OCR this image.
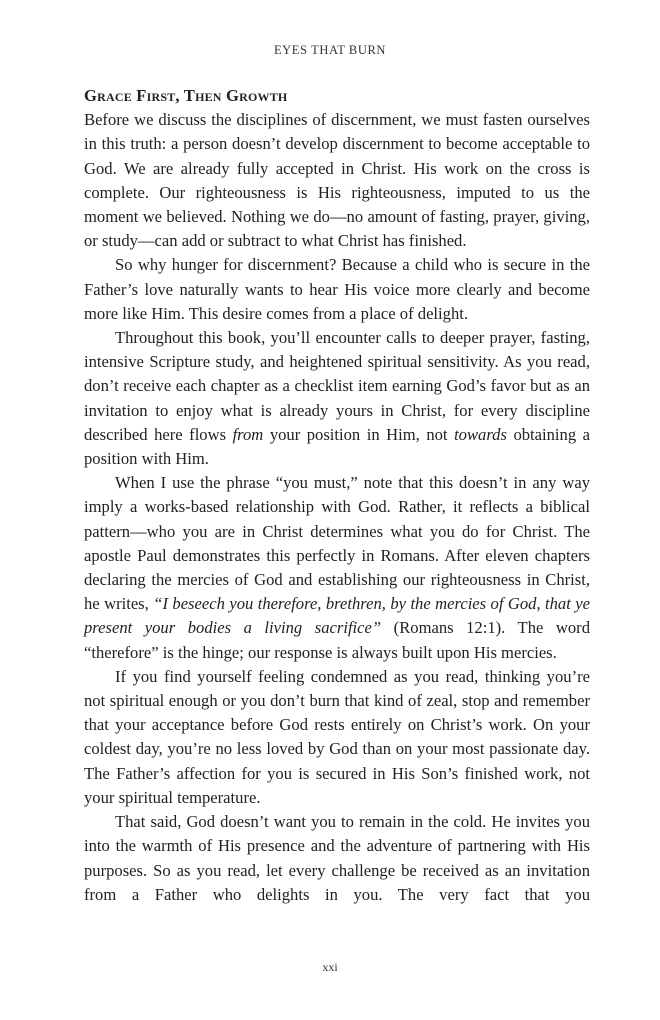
EYES THAT BURN
Grace First, Then Growth

Before we discuss the disciplines of discernment, we must fasten ourselves in this truth: a person doesn’t develop discernment to become acceptable to God. We are already fully accepted in Christ. His work on the cross is complete. Our righteousness is His righteousness, imputed to us the moment we believed. Nothing we do—no amount of fasting, prayer, giving, or study—can add or subtract to what Christ has finished.

So why hunger for discernment? Because a child who is secure in the Father’s love naturally wants to hear His voice more clearly and become more like Him. This desire comes from a place of delight.

Throughout this book, you’ll encounter calls to deeper prayer, fasting, intensive Scripture study, and heightened spiritual sensitivity. As you read, don’t receive each chapter as a checklist item earning God’s favor but as an invitation to enjoy what is already yours in Christ, for every discipline described here flows from your position in Him, not towards obtaining a position with Him.

When I use the phrase “you must,” note that this doesn’t in any way imply a works-based relationship with God. Rather, it reflects a biblical pattern—who you are in Christ determines what you do for Christ. The apostle Paul demonstrates this perfectly in Romans. After eleven chapters declaring the mercies of God and establishing our righteousness in Christ, he writes, “I beseech you therefore, brethren, by the mercies of God, that ye present your bodies a living sacrifice” (Romans 12:1). The word “therefore” is the hinge; our response is always built upon His mercies.

If you find yourself feeling condemned as you read, thinking you’re not spiritual enough or you don’t burn that kind of zeal, stop and remember that your acceptance before God rests entirely on Christ’s work. On your coldest day, you’re no less loved by God than on your most passionate day. The Father’s affection for you is secured in His Son’s finished work, not your spiritual temperature.

That said, God doesn’t want you to remain in the cold. He invites you into the warmth of His presence and the adventure of partnering with His purposes. So as you read, let every challenge be received as an invitation from a Father who delights in you. The very fact that you

xxi
